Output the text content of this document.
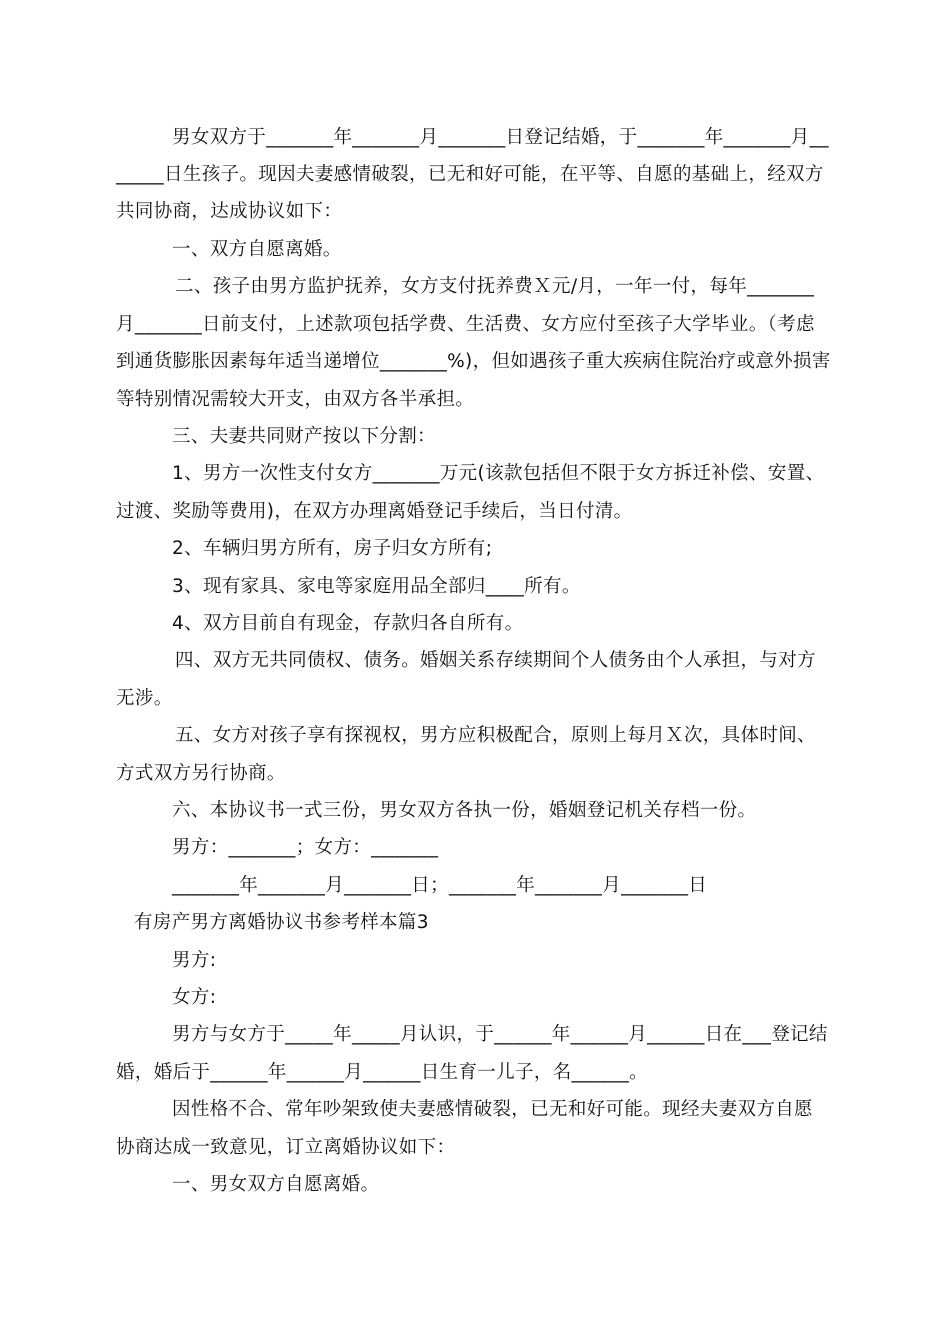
男女双方于_______年_______月_______日登记结婚，于_______年_______月__
_____日生孩子。现因夫妻感情破裂，已无和好可能，在平等、自愿的基础上，经双方
共同协商，达成协议如下：
一、双方自愿离婚。
二、孩子由男方监护抚养，女方支付抚养费Ｘ元/月，一年一付，每年_______
月_______日前支付，上述款项包括学费、生活费、女方应付至孩子大学毕业。（考虑
到通货膨胀因素每年适当递增位_______%)，但如遇孩子重大疾病住院治疗或意外损害
等特别情况需较大开支，由双方各半承担。
三、夫妻共同财产按以下分割：
1、男方一次性支付女方_______万元(该款包括但不限于女方拆迁补偿、安置、
过渡、奖励等费用)，在双方办理离婚登记手续后，当日付清。
2、车辆归男方所有，房子归女方所有;
3、现有家具、家电等家庭用品全部归____所有。
4、双方目前自有现金，存款归各自所有。
四、双方无共同债权、债务。婚姻关系存续期间个人债务由个人承担，与对方
无涉。
五、女方对孩子享有探视权，男方应积极配合，原则上每月Ｘ次，具体时间、
方式双方另行协商。
六、本协议书一式三份，男女双方各执一份，婚姻登记机关存档一份。
男方：_______；女方：_______
_______年_______月_______日；_______年_______月_______日
有房产男方离婚协议书参考样本篇3
男方:
女方:
男方与女方于_____年_____月认识，于______年______月______日在___登记结
婚，婚后于______年______月______日生育一儿子，名______。
因性格不合、常年吵架致使夫妻感情破裂，已无和好可能。现经夫妻双方自愿
协商达成一致意见，订立离婚协议如下：
一、男女双方自愿离婚。
